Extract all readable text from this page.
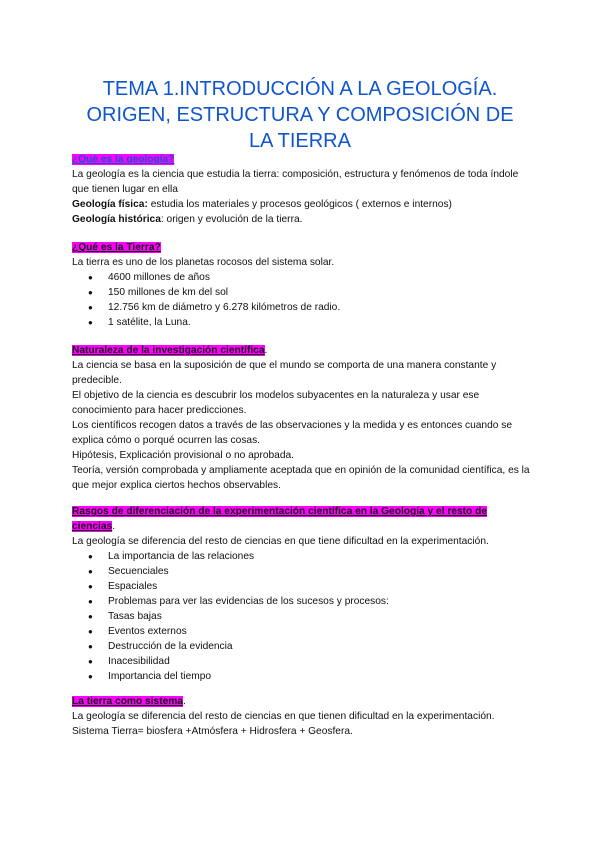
TEMA 1.INTRODUCCIÓN A LA GEOLOGÍA.
ORIGEN, ESTRUCTURA Y COMPOSICIÓN DE
LA TIERRA

¿Qué es la geología?

La geología es la ciencia que estudia la tierra: composición, estructura y fenómenos de toda índole que tienen lugar en ella

Geología física: estudia los materiales y procesos geológicos ( externos e internos)

Geología histórica: origen y evolución de la tierra.

¿Qué es la Tierra?

La tierra es uno de los planetas rocosos del sistema solar.

● 4600 millones de años
● 150 millones de km del sol
● 12.756 km de diámetro y 6.278 kilómetros de radio.
● 1 satélite, la Luna.

Naturaleza de la investigación científica.

La ciencia se basa en la suposición de que el mundo se comporta de una manera constante y predecible.

El objetivo de la ciencia es descubrir los modelos subyacentes en la naturaleza y usar ese conocimiento para hacer predicciones.

Los científicos recogen datos a través de las observaciones y la medida y es entonces cuando se explica cómo o porqué ocurren las cosas.

Hipótesis, Explicación provisional o no aprobada.

Teoría, versión comprobada y ampliamente aceptada que en opinión de la comunidad científica, es la que mejor explica ciertos hechos observables.

Rasgos de diferenciación de la experimentación científica en la Geología y el resto de ciencias.

La geología se diferencia del resto de ciencias en que tiene dificultad en la experimentación.

● La importancia de las relaciones
● Secuenciales
● Espaciales
● Problemas para ver las evidencias de los sucesos y procesos:
● Tasas bajas
● Eventos externos
● Destrucción de la evidencia
● Inacesibilidad
● Importancia del tiempo

La tierra como sistema.

La geología se diferencia del resto de ciencias en que tienen dificultad en la experimentación.

Sistema Tierra= biosfera +Atmósfera + Hidrosfera + Geosfera.
